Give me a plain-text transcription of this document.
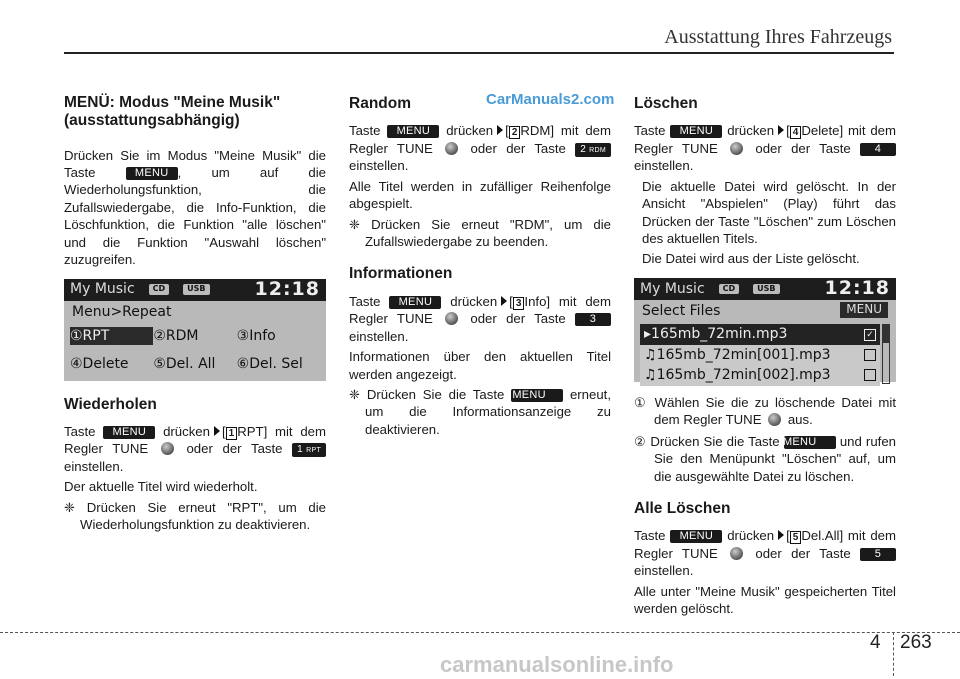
Ausstattung Ihres Fahrzeugs
CarManuals2.com
MENÜ: Modus "Meine Musik" (ausstattungsabhängig)

Drücken Sie im Modus "Meine Musik" die Taste	MENU , um auf die Wiederholungsfunktion, die Zufallswiedergabe, die Info-Funktion, die Löschfunktion, die Funktion "alle löschen" und die Funktion "Auswahl löschen" zuzugreifen.

My Music	CD	USB	12:18
Menu>Repeat
①RPT	②RDM	③Info
④Delete	⑤Del. All	⑥Del. Sel
Wiederholen

Taste MENU drücken [ 1 RPT] mit dem Regler TUNE	oder der Taste 1 RPT einstellen.

Der aktuelle Titel wird wiederholt.

❈ Drücken Sie erneut "RPT", um die Wiederholungsfunktion zu deaktivieren.

Random

Taste MENU drücken [ 2 RDM] mit dem Regler TUNE	oder der Taste 2 RDM einstellen.

Alle Titel werden in zufälliger Reihenfolge abgespielt.

❈ Drücken Sie erneut "RDM", um die Zufallswiedergabe zu beenden.

Informationen

Taste MENU drücken [ 3 Info] mit dem Regler TUNE	oder der Taste 3 einstellen.

Informationen über den aktuellen Titel werden angezeigt.

❈ Drücken Sie die Taste MENU erneut, um die Informationsanzeige zu deaktivieren.

Löschen

Taste MENU drücken [ 4 Delete] mit dem Regler TUNE	oder der Taste 4 einstellen.

Die aktuelle Datei wird gelöscht. In der Ansicht "Abspielen" (Play) führt das Drücken der Taste "Löschen" zum Löschen des aktuellen Titels.

Die Datei wird aus der Liste gelöscht.

My Music	CD	USB	12:18
Select Files	MENU
▸ 165mb_72min.mp3	✓
♫ 165mb_72min[001].mp3
♫ 165mb_72min[002].mp3

① Wählen Sie die zu löschende Datei mit dem Regler TUNE aus.

② Drücken Sie die Taste MENU und rufen Sie den Menüpunkt "Löschen" auf, um die ausgewählte Datei zu löschen.

Alle Löschen

Taste MENU drücken [ 5 Del.All] mit dem Regler TUNE	oder der Taste 5 einstellen.

Alle unter "Meine Musik" gespeicherten Titel werden gelöscht.

4 263
carmanualsonline.info
